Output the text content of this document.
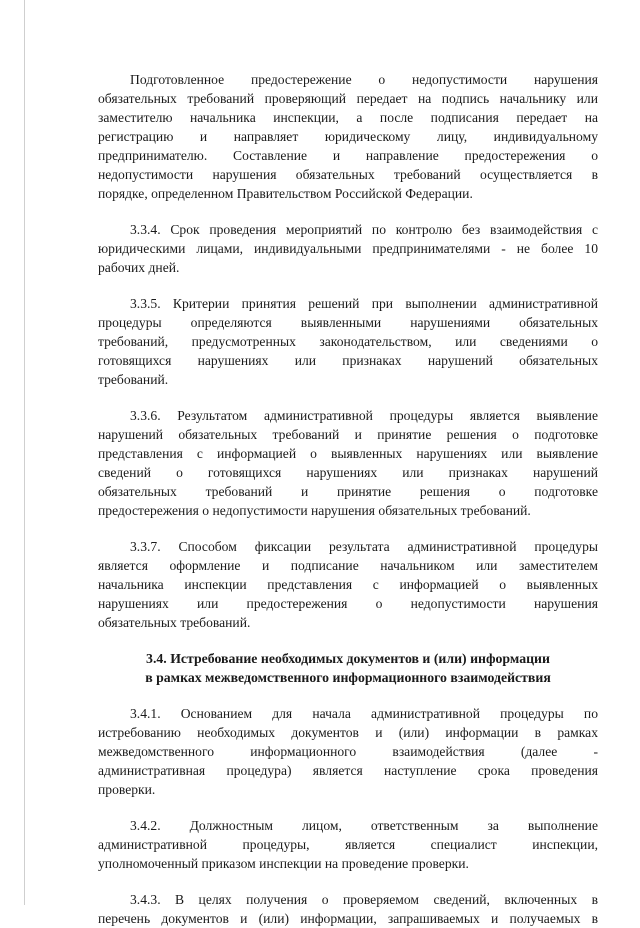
Подготовленное предостережение о недопустимости нарушения
обязательных требований проверяющий передает на подпись начальнику или
заместителю начальника инспекции, а после подписания передает на
регистрацию и направляет юридическому лицу, индивидуальному
предпринимателю. Составление и направление предостережения о
недопустимости нарушения обязательных требований осуществляется в
порядке, определенном Правительством Российской Федерации.

3.3.4. Срок проведения мероприятий по контролю без взаимодействия с
юридическими лицами, индивидуальными предпринимателями - не более 10
рабочих дней.

3.3.5. Критерии принятия решений при выполнении административной
процедуры определяются выявленными нарушениями обязательных
требований, предусмотренных законодательством, или сведениями о
готовящихся нарушениях или признаках нарушений обязательных
требований.

3.3.6. Результатом административной процедуры является выявление
нарушений обязательных требований и принятие решения о подготовке
представления с информацией о выявленных нарушениях или выявление
сведений о готовящихся нарушениях или признаках нарушений
обязательных требований и принятие решения о подготовке
предостережения о недопустимости нарушения обязательных требований.

3.3.7. Способом фиксации результата административной процедуры
является оформление и подписание начальником или заместителем
начальника инспекции представления с информацией о выявленных
нарушениях или предостережения о недопустимости нарушения
обязательных требований.

3.4. Истребование необходимых документов и (или) информации
в рамках межведомственного информационного взаимодействия

3.4.1. Основанием для начала административной процедуры по
истребованию необходимых документов и (или) информации в рамках
межведомственного информационного взаимодействия (далее -
административная процедура) является наступление срока проведения
проверки.

3.4.2. Должностным лицом, ответственным за выполнение
административной процедуры, является специалист инспекции,
уполномоченный приказом инспекции на проведение проверки.

3.4.3. В целях получения о проверяемом сведений, включенных в
перечень документов и (или) информации, запрашиваемых и получаемых в
